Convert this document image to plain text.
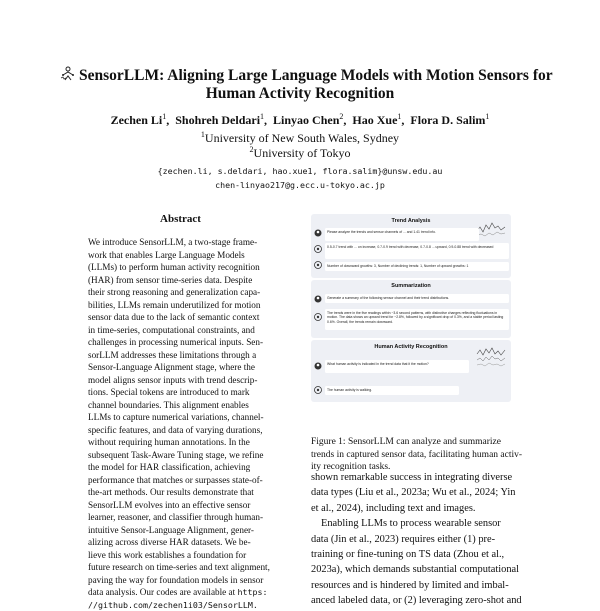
SensorLLM: Aligning Large Language Models with Motion Sensors for
Human Activity Recognition
Zechen Li$^1$,  Shohreh Deldari$^1$,  Linyao Chen$^2$,  Hao Xue$^1$,  Flora D. Salim$^1$
$^1$University of New South Wales, Sydney
$^2$University of Tokyo
{zechen.li, s.deldari, hao.xue1, flora.salim}@unsw.edu.au
chen-linyao217@g.ecc.u-tokyo.ac.jp
Abstract
We introduce SensorLLM, a two-stage frame-
work that enables Large Language Models
(LLMs) to perform human activity recognition
(HAR) from sensor time-series data. Despite
their strong reasoning and generalization capa-
bilities, LLMs remain underutilized for motion
sensor data due to the lack of semantic context
in time-series, computational constraints, and
challenges in processing numerical inputs. Sen-
sorLLM addresses these limitations through a
Sensor-Language Alignment stage, where the
model aligns sensor inputs with trend descrip-
tions. Special tokens are introduced to mark
channel boundaries. This alignment enables
LLMs to capture numerical variations, channel-
specific features, and data of varying durations,
without requiring human annotations. In the
subsequent Task-Aware Tuning stage, we refine
the model for HAR classification, achieving
performance that matches or surpasses state-of-
the-art methods. Our results demonstrate that
SensorLLM evolves into an effective sensor
learner, reasoner, and classifier through human-
intuitive Sensor-Language Alignment, gener-
alizing across diverse HAR datasets. We be-
lieve this work establishes a foundation for
future research on time-series and text alignment,
paving the way for foundation models in sensor
data analysis. Our codes are available at https:
//github.com/zechen1i03/SensorLLM.
Trend Analysis
Please analyze the trends and sensor channels of ... and 1.41 trend info.
0.5-0.7 trend with ... on increase, 0.7-0.9 trend with decrease, 0.7-0.8 ... upward, 0.9-0.88 trend with decreased
Number of downward growths: 3, Number of declining trends: 1, Number of upward growths: 1
Summarization
Generate a summary of the following sensor channel and their trend distributions.
The trends were in the five readings within ~3.6 second patterns, with distinctive changes reflecting fluctuations in motion. The data shows an upward trend for ~2.8%, followed by a significant drop of 0.3%, and a stable period lasting 0.6%. Overall, the trends remain downward.
Human Activity Recognition
What human activity is indicated in the trend data that it the motion?
The human activity is walking.
Figure 1: SensorLLM can analyze and summarize
trends in captured sensor data, facilitating human activ-
ity recognition tasks.
shown remarkable success in integrating diverse
data types (Liu et al., 2023a; Wu et al., 2024; Yin
et al., 2024), including text and images.
Enabling LLMs to process wearable sensor
data (Jin et al., 2023) requires either (1) pre-
training or fine-tuning on TS data (Zhou et al.,
2023a), which demands substantial computational
resources and is hindered by limited and imbal-
anced labeled data, or (2) leveraging zero-shot and
